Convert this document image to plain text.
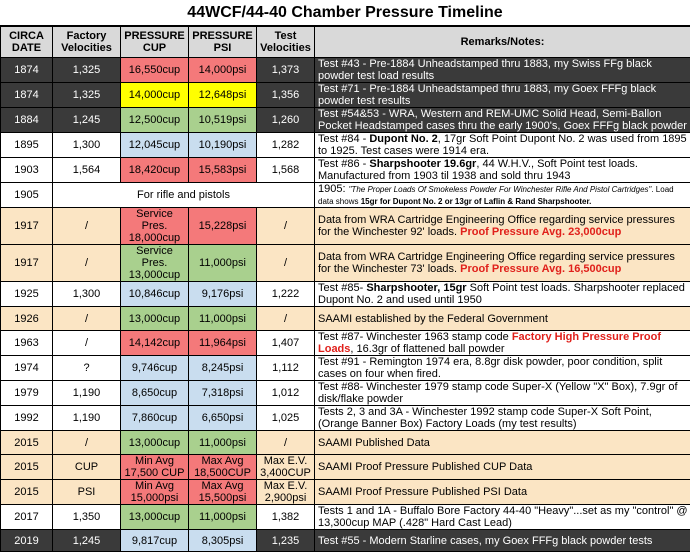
44WCF/44-40 Chamber Pressure Timeline
CIRCA DATE	Factory Velocities	PRESSURE CUP	PRESSURE PSI	Test Velocities	Remarks/Notes:
1874	1,325	16,550cup	14,000psi	1,373	Test #43 - Pre-1884 Unheadstamped thru 1883, my Swiss FFg black powder test load results
1874	1,325	14,000cup	12,648psi	1,356	Test #71 - Pre-1884 Unheadstamped thru 1883, my Goex FFFg black powder test results
1884	1,245	12,500cup	10,519psi	1,260	Test #54&53 - WRA, Western and REM-UMC Solid Head, Semi-Ballon Pocket Headstamped cases thru the early 1900's, Goex FFFg black powder
1895	1,300	12,045cup	10,190psi	1,282	Test #84 - Dupont No. 2, 17gr Soft Point Dupont No. 2 was used from 1895 to 1925. Test cases were 1914 era.
1903	1,564	18,420cup	15,583psi	1,568	Test #86 - Sharpshooter 19.6gr, 44 W.H.V., Soft Point test loads. Manufactured from 1903 til 1938 and sold thru 1943
1905	For rifle and pistols				1905: "The Proper Loads Of Smokeless Powder For Winchester Rifle And Pistol Cartridges". Load data shows 15gr for Dupont No. 2 or 13gr of Laflin & Rand Sharpshooter.
1917	/	Service Pres. 18,000cup	15,228psi	/	Data from WRA Cartridge Engineering Office regarding service pressures for the Winchester 92' loads. Proof Pressure Avg. 23,000cup
1917	/	Service Pres. 13,000cup	11,000psi	/	Data from WRA Cartridge Engineering Office regarding service pressures for the Winchester 73' loads. Proof Pressure Avg. 16,500cup
1925	1,300	10,846cup	9,176psi	1,222	Test #85- Sharpshooter, 15gr Soft Point test loads. Sharpshooter replaced Dupont No. 2 and used until 1950
1926	/	13,000cup	11,000psi	/	SAAMI established by the Federal Government
1963	/	14,142cup	11,964psi	1,407	Test #87- Winchester 1963 stamp code Factory High Pressure Proof Loads, 16.3gr of flattened ball powder
1974	?	9,746cup	8,245psi	1,112	Test #91 - Remington 1974 era, 8.8gr disk powder, poor condition, split cases on four when fired.
1979	1,190	8,650cup	7,318psi	1,012	Test #88- Winchester 1979 stamp code Super-X (Yellow "X" Box), 7.9gr of disk/flake powder
1992	1,190	7,860cup	6,650psi	1,025	Tests 2, 3 and 3A - Winchester 1992 stamp code Super-X Soft Point, (Orange Banner Box) Factory Loads (my test results)
2015	/	13,000cup	11,000psi	/	SAAMI Published Data
2015	CUP	Min Avg 17,500 CUP	Max Avg 18,500CUP	Max E.V. 3,400CUP	SAAMI Proof Pressure Published CUP Data
2015	PSI	Min Avg 15,000psi	Max Avg 15,500psi	Max E.V. 2,900psi	SAAMI Proof Pressure Published PSI Data
2017	1,350	13,000cup	11,000psi	1,382	Tests 1 and 1A - Buffalo Bore Factory 44-40 "Heavy"...set as my "control" @ 13,300cup MAP (.428" Hard Cast Lead)
2019	1,245	9,817cup	8,305psi	1,235	Test #55 - Modern Starline cases, my Goex FFFg black powder tests
